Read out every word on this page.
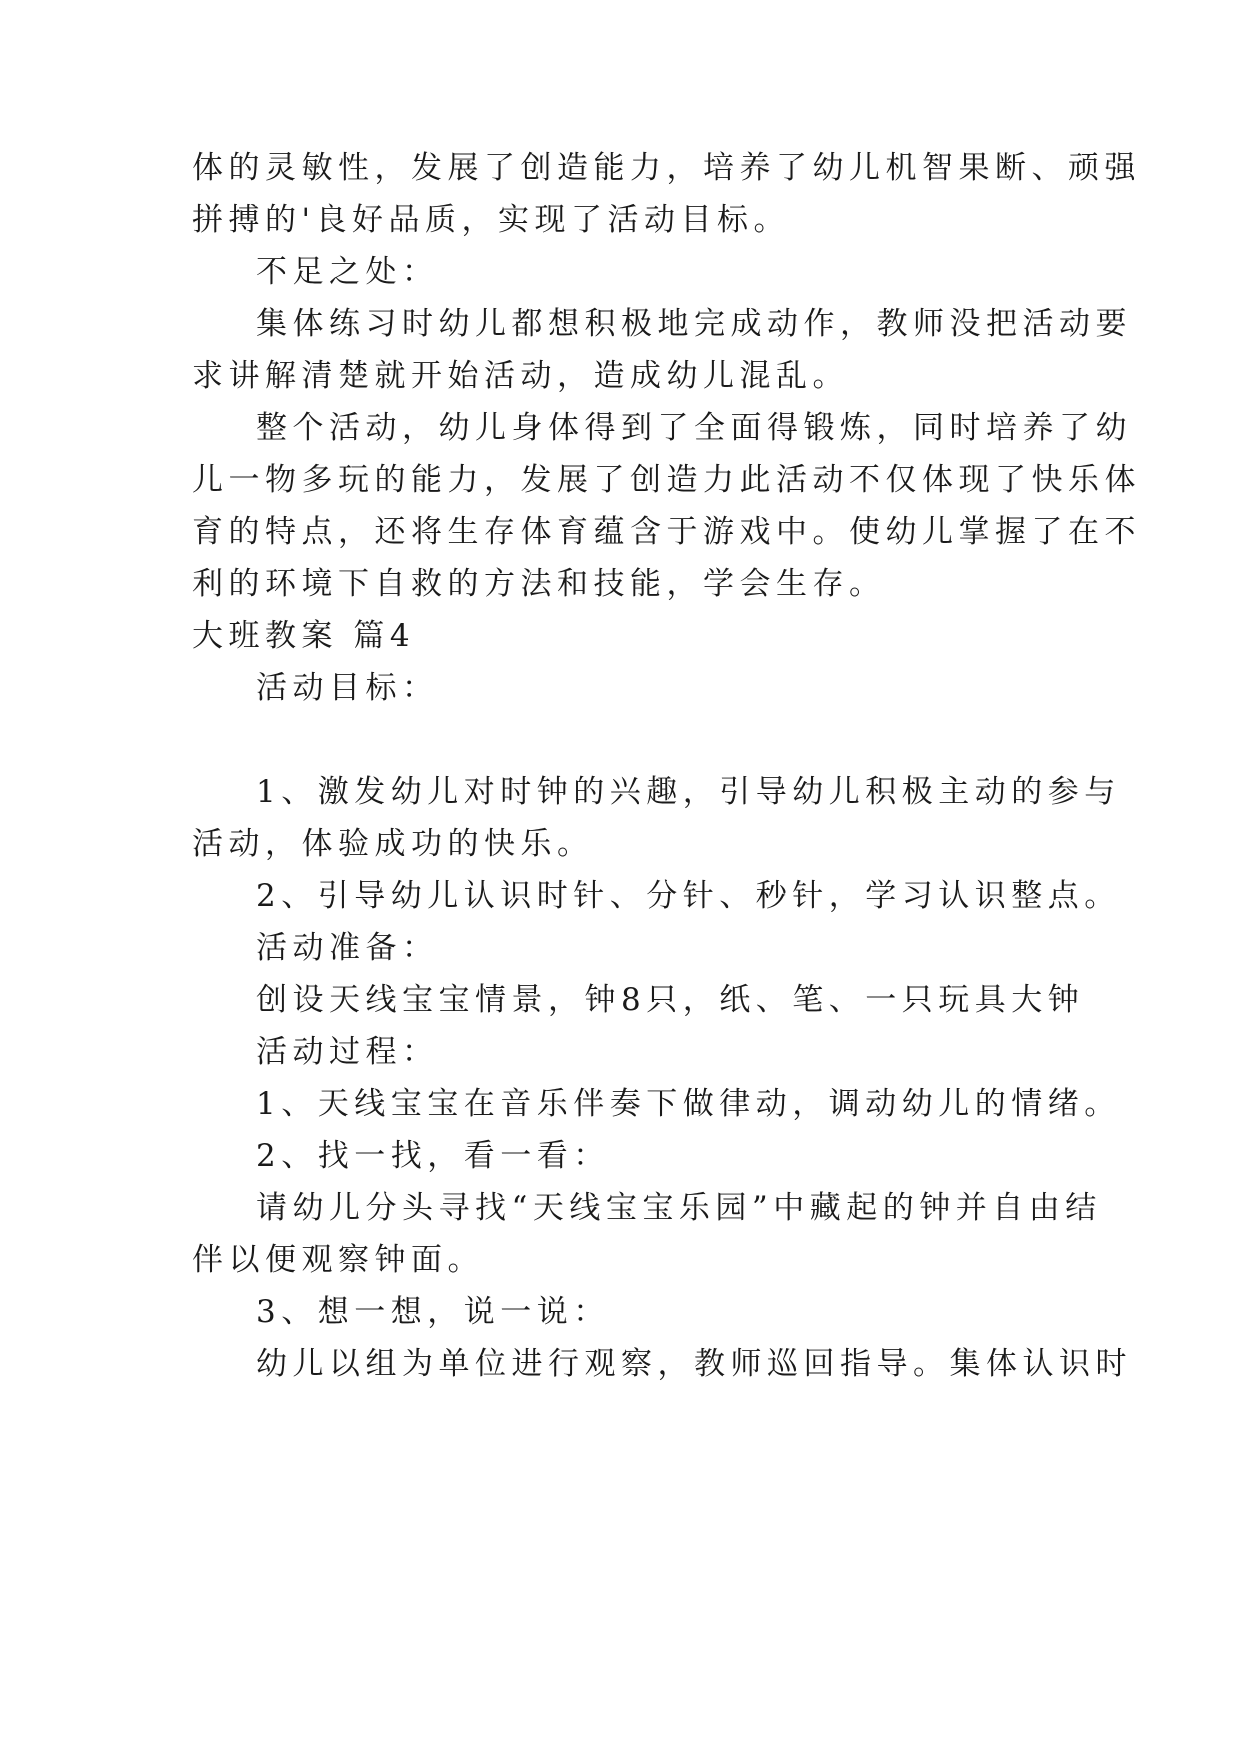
体的灵敏性，发展了创造能力，培养了幼儿机智果断、顽强
拼搏的'良好品质，实现了活动目标。
不足之处：
集体练习时幼儿都想积极地完成动作，教师没把活动要
求讲解清楚就开始活动，造成幼儿混乱。
整个活动，幼儿身体得到了全面得锻炼，同时培养了幼
儿一物多玩的能力，发展了创造力此活动不仅体现了快乐体
育的特点，还将生存体育蕴含于游戏中。使幼儿掌握了在不
利的环境下自救的方法和技能，学会生存。
大班教案 篇4
活动目标：
1、激发幼儿对时钟的兴趣，引导幼儿积极主动的参与
活动，体验成功的快乐。
2、引导幼儿认识时针、分针、秒针，学习认识整点。
活动准备：
创设天线宝宝情景，钟8只，纸、笔、一只玩具大钟
活动过程：
1、天线宝宝在音乐伴奏下做律动，调动幼儿的情绪。
2、找一找，看一看：
请幼儿分头寻找“天线宝宝乐园”中藏起的钟并自由结
伴以便观察钟面。
3、想一想，说一说：
幼儿以组为单位进行观察，教师巡回指导。集体认识时
